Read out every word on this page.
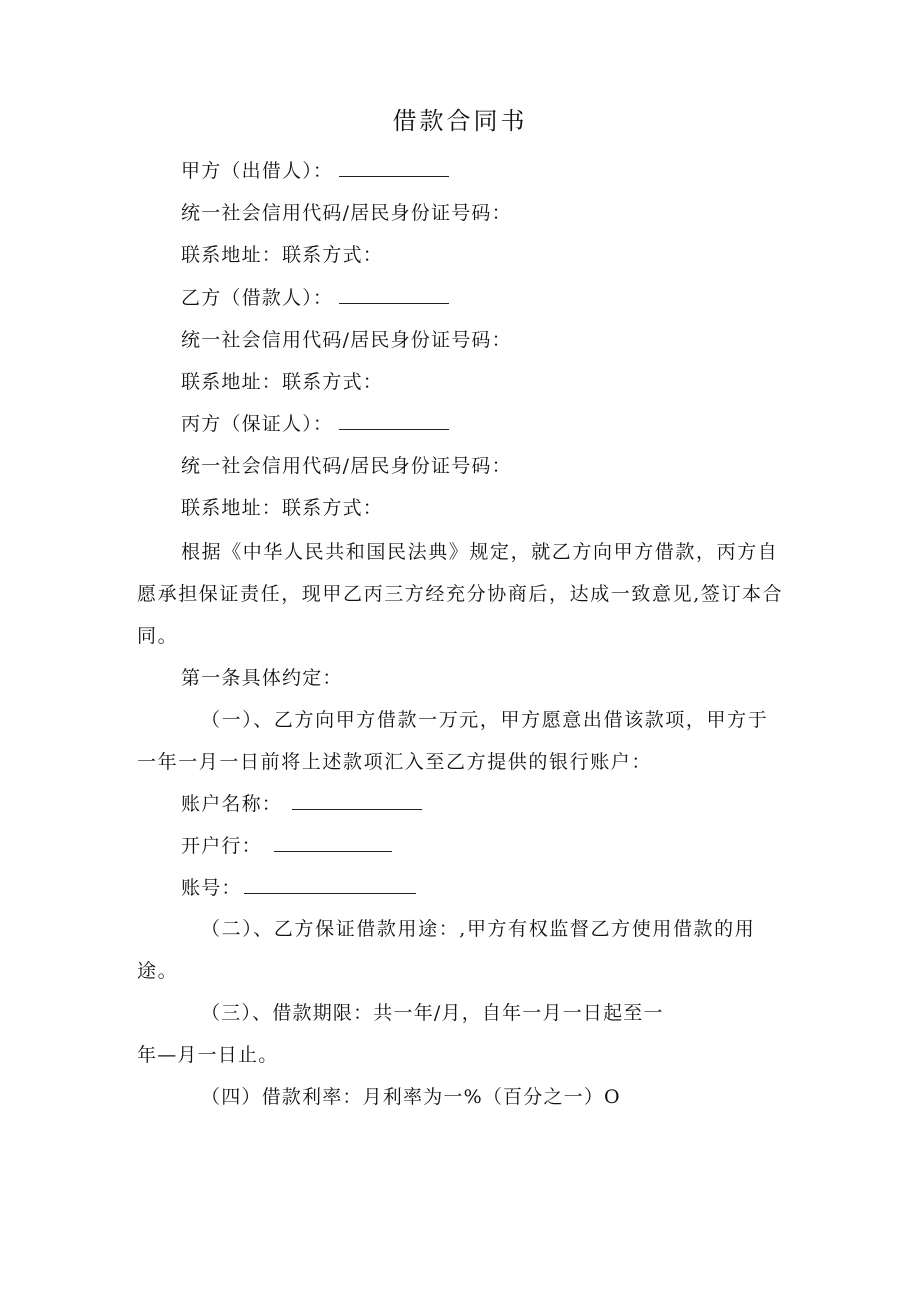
借款合同书
甲方（出借人）：
统一社会信用代码/居民身份证号码：
联系地址：联系方式：
乙方（借款人）：
统一社会信用代码/居民身份证号码：
联系地址：联系方式：
丙方（保证人）：
统一社会信用代码/居民身份证号码：
联系地址：联系方式：
根据《中华人民共和国民法典》规定，就乙方向甲方借款，丙方自愿承担保证责任，现甲乙丙三方经充分协商后，达成一致意见,签订本合同。
第一条具体约定：
（一）、乙方向甲方借款一万元，甲方愿意出借该款项，甲方于一年一月一日前将上述款项汇入至乙方提供的银行账户：
账户名称：
开户行：
账号：
（二）、乙方保证借款用途：,甲方有权监督乙方使用借款的用途。
（三）、借款期限：共一年/月，自年一月一日起至一
年—月一日止。
（四）借款利率：月利率为一%（百分之一）O
